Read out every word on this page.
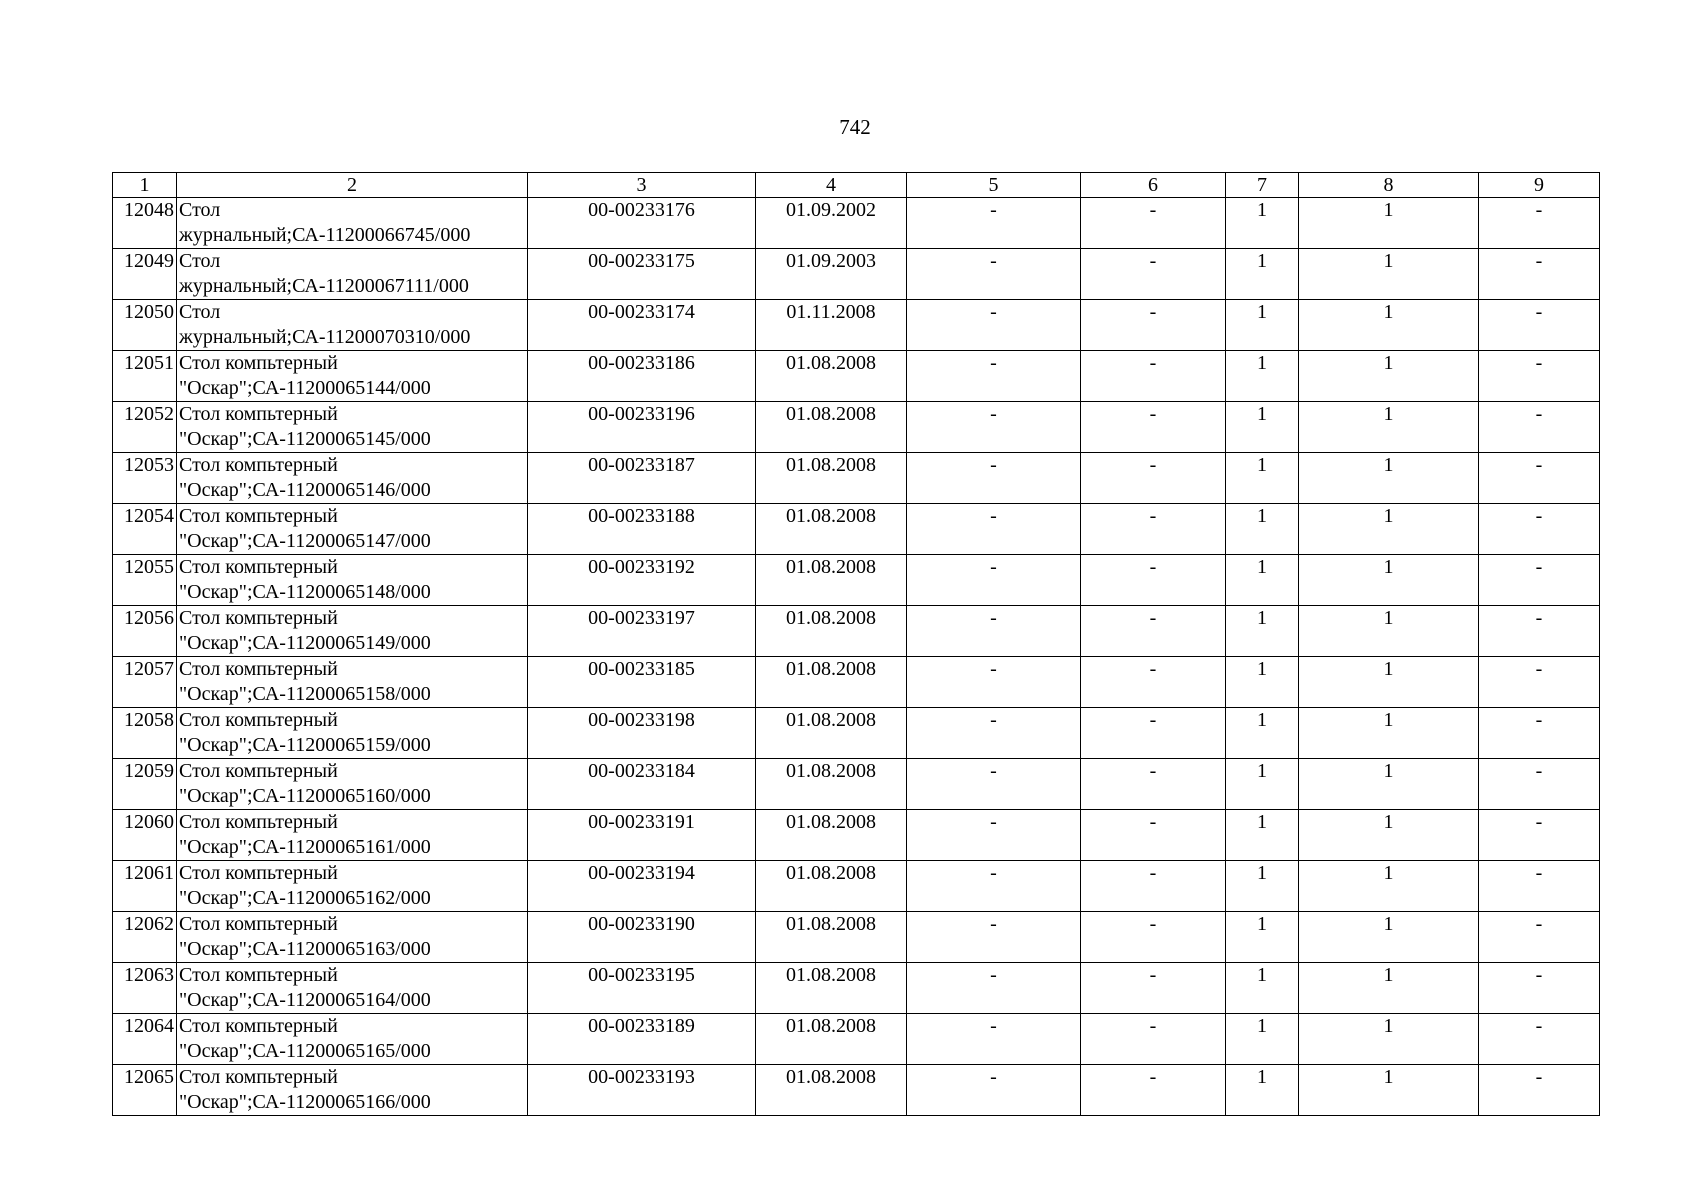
742
1	2	3	4	5	6	7	8	9
12048	Стол
журнальный;СА-11200066745/000	00-00233176	01.09.2002	-	-	1	1	-
12049	Стол
журнальный;СА-11200067111/000	00-00233175	01.09.2003	-	-	1	1	-
12050	Стол
журнальный;СА-11200070310/000	00-00233174	01.11.2008	-	-	1	1	-
12051	Стол компьтерный
"Оскар";СА-11200065144/000	00-00233186	01.08.2008	-	-	1	1	-
12052	Стол компьтерный
"Оскар";СА-11200065145/000	00-00233196	01.08.2008	-	-	1	1	-
12053	Стол компьтерный
"Оскар";СА-11200065146/000	00-00233187	01.08.2008	-	-	1	1	-
12054	Стол компьтерный
"Оскар";СА-11200065147/000	00-00233188	01.08.2008	-	-	1	1	-
12055	Стол компьтерный
"Оскар";СА-11200065148/000	00-00233192	01.08.2008	-	-	1	1	-
12056	Стол компьтерный
"Оскар";СА-11200065149/000	00-00233197	01.08.2008	-	-	1	1	-
12057	Стол компьтерный
"Оскар";СА-11200065158/000	00-00233185	01.08.2008	-	-	1	1	-
12058	Стол компьтерный
"Оскар";СА-11200065159/000	00-00233198	01.08.2008	-	-	1	1	-
12059	Стол компьтерный
"Оскар";СА-11200065160/000	00-00233184	01.08.2008	-	-	1	1	-
12060	Стол компьтерный
"Оскар";СА-11200065161/000	00-00233191	01.08.2008	-	-	1	1	-
12061	Стол компьтерный
"Оскар";СА-11200065162/000	00-00233194	01.08.2008	-	-	1	1	-
12062	Стол компьтерный
"Оскар";СА-11200065163/000	00-00233190	01.08.2008	-	-	1	1	-
12063	Стол компьтерный
"Оскар";СА-11200065164/000	00-00233195	01.08.2008	-	-	1	1	-
12064	Стол компьтерный
"Оскар";СА-11200065165/000	00-00233189	01.08.2008	-	-	1	1	-
12065	Стол компьтерный
"Оскар";СА-11200065166/000	00-00233193	01.08.2008	-	-	1	1	-
